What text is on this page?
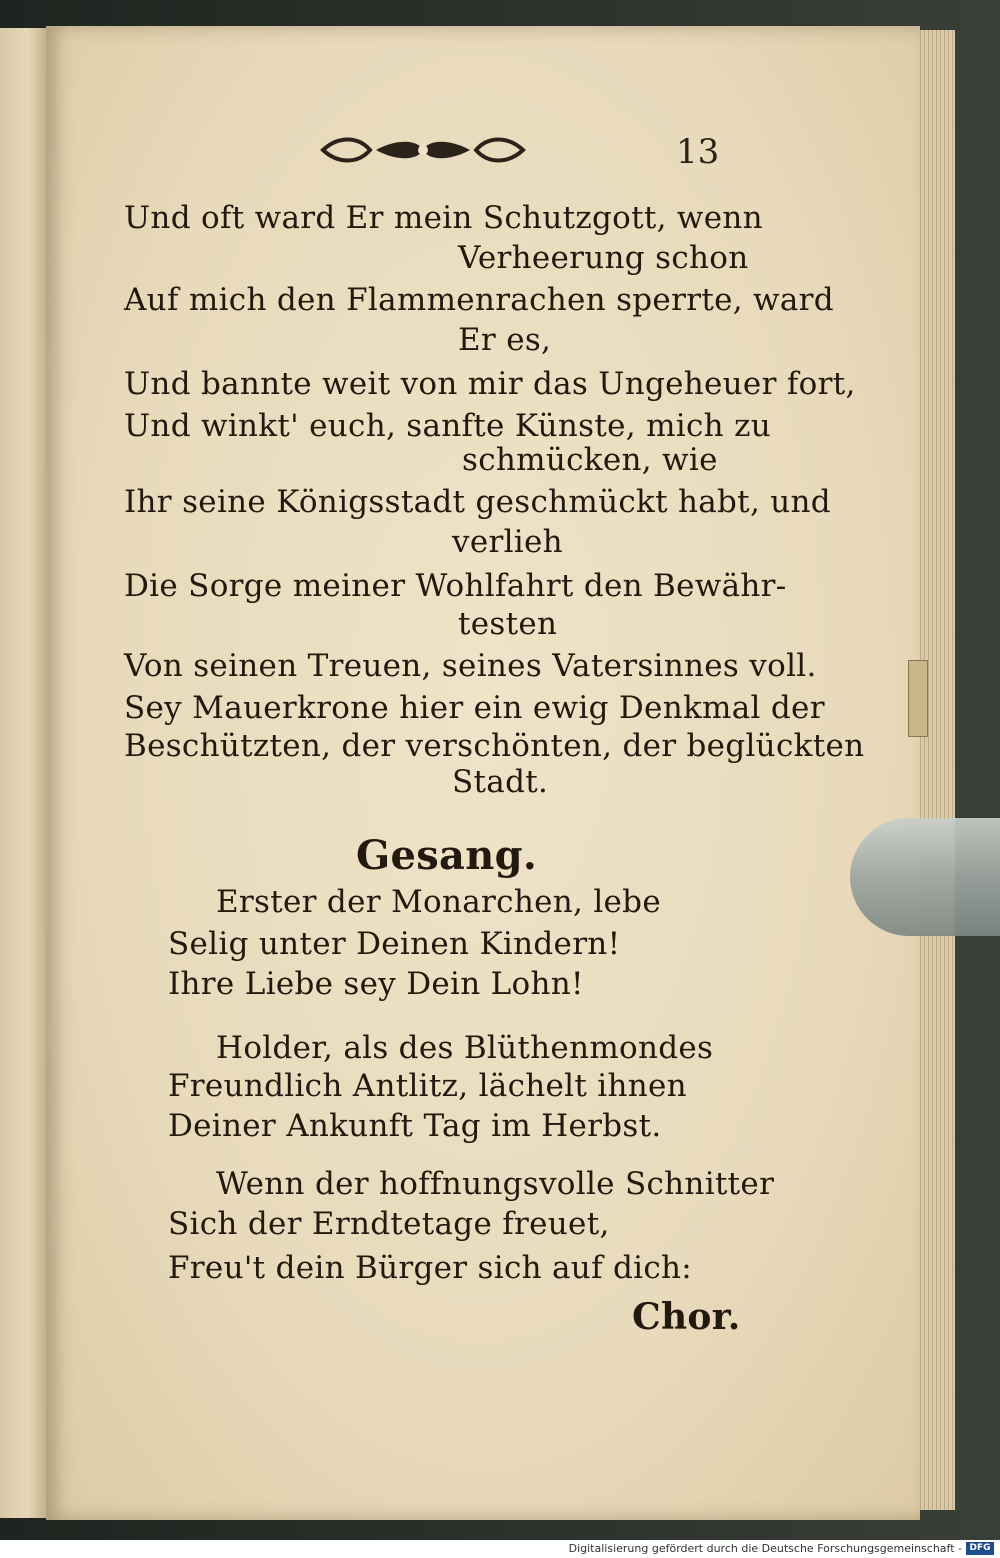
13
Und oft ward Er mein Schutzgott, wenn
Verheerung schon
Auf mich den Flammenrachen sperrte, ward
Er es,
Und bannte weit von mir das Ungeheuer fort,
Und winkt' euch, sanfte Künste, mich zu
schmücken, wie
Ihr seine Königsstadt geschmückt habt, und
verlieh
Die Sorge meiner Wohlfahrt den Bewähr-
testen
Von seinen Treuen, seines Vatersinnes voll.
Sey Mauerkrone hier ein ewig Denkmal der
Beschützten, der verschönten, der beglückten
Stadt.
Gesang.
Erster der Monarchen, lebe
Selig unter Deinen Kindern!
Ihre Liebe sey Dein Lohn!
Holder, als des Blüthenmondes
Freundlich Antlitz, lächelt ihnen
Deiner Ankunft Tag im Herbst.
Wenn der hoffnungsvolle Schnitter
Sich der Erndtetage freuet,
Freu't dein Bürger sich auf dich:
Chor.
Digitalisierung gefördert durch die Deutsche Forschungsgemeinschaft - DFG
